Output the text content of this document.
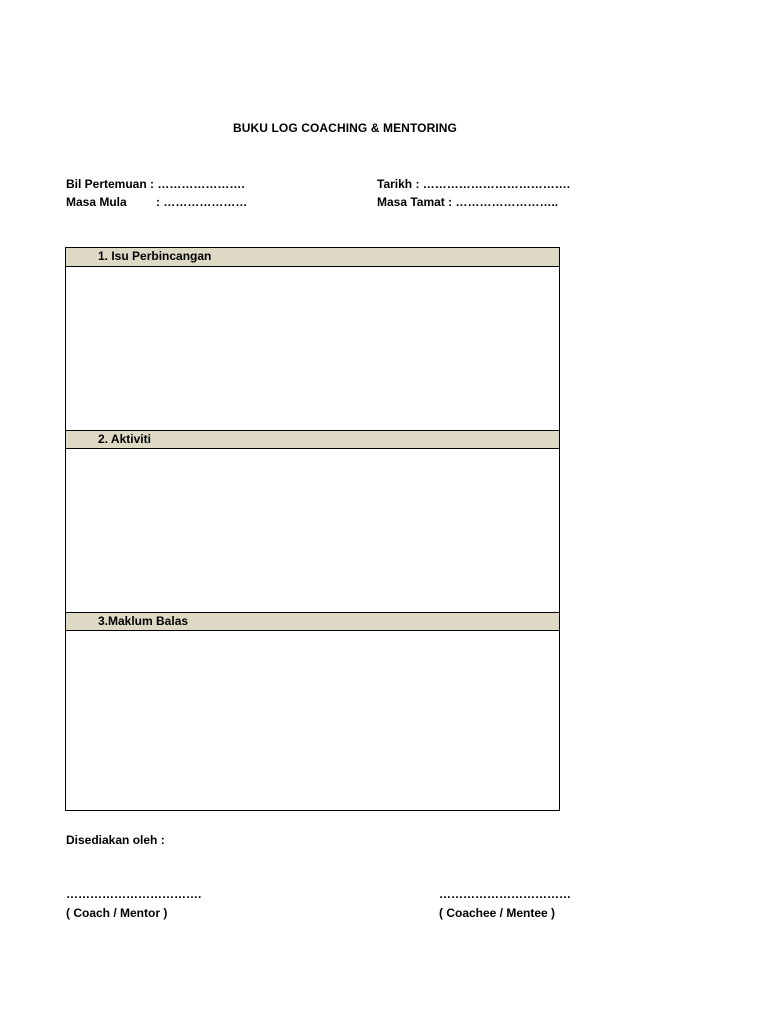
BUKU LOG COACHING & MENTORING
Bil Pertemuan : ………………….
Masa Mula : …………………
Tarikh : ……………………………….
Masa Tamat : ……………………..
1. Isu Perbincangan
2. Aktiviti
3.Maklum Balas
Disediakan oleh :
…………………………….
( Coach / Mentor )
……………………………
( Coachee / Mentee )
